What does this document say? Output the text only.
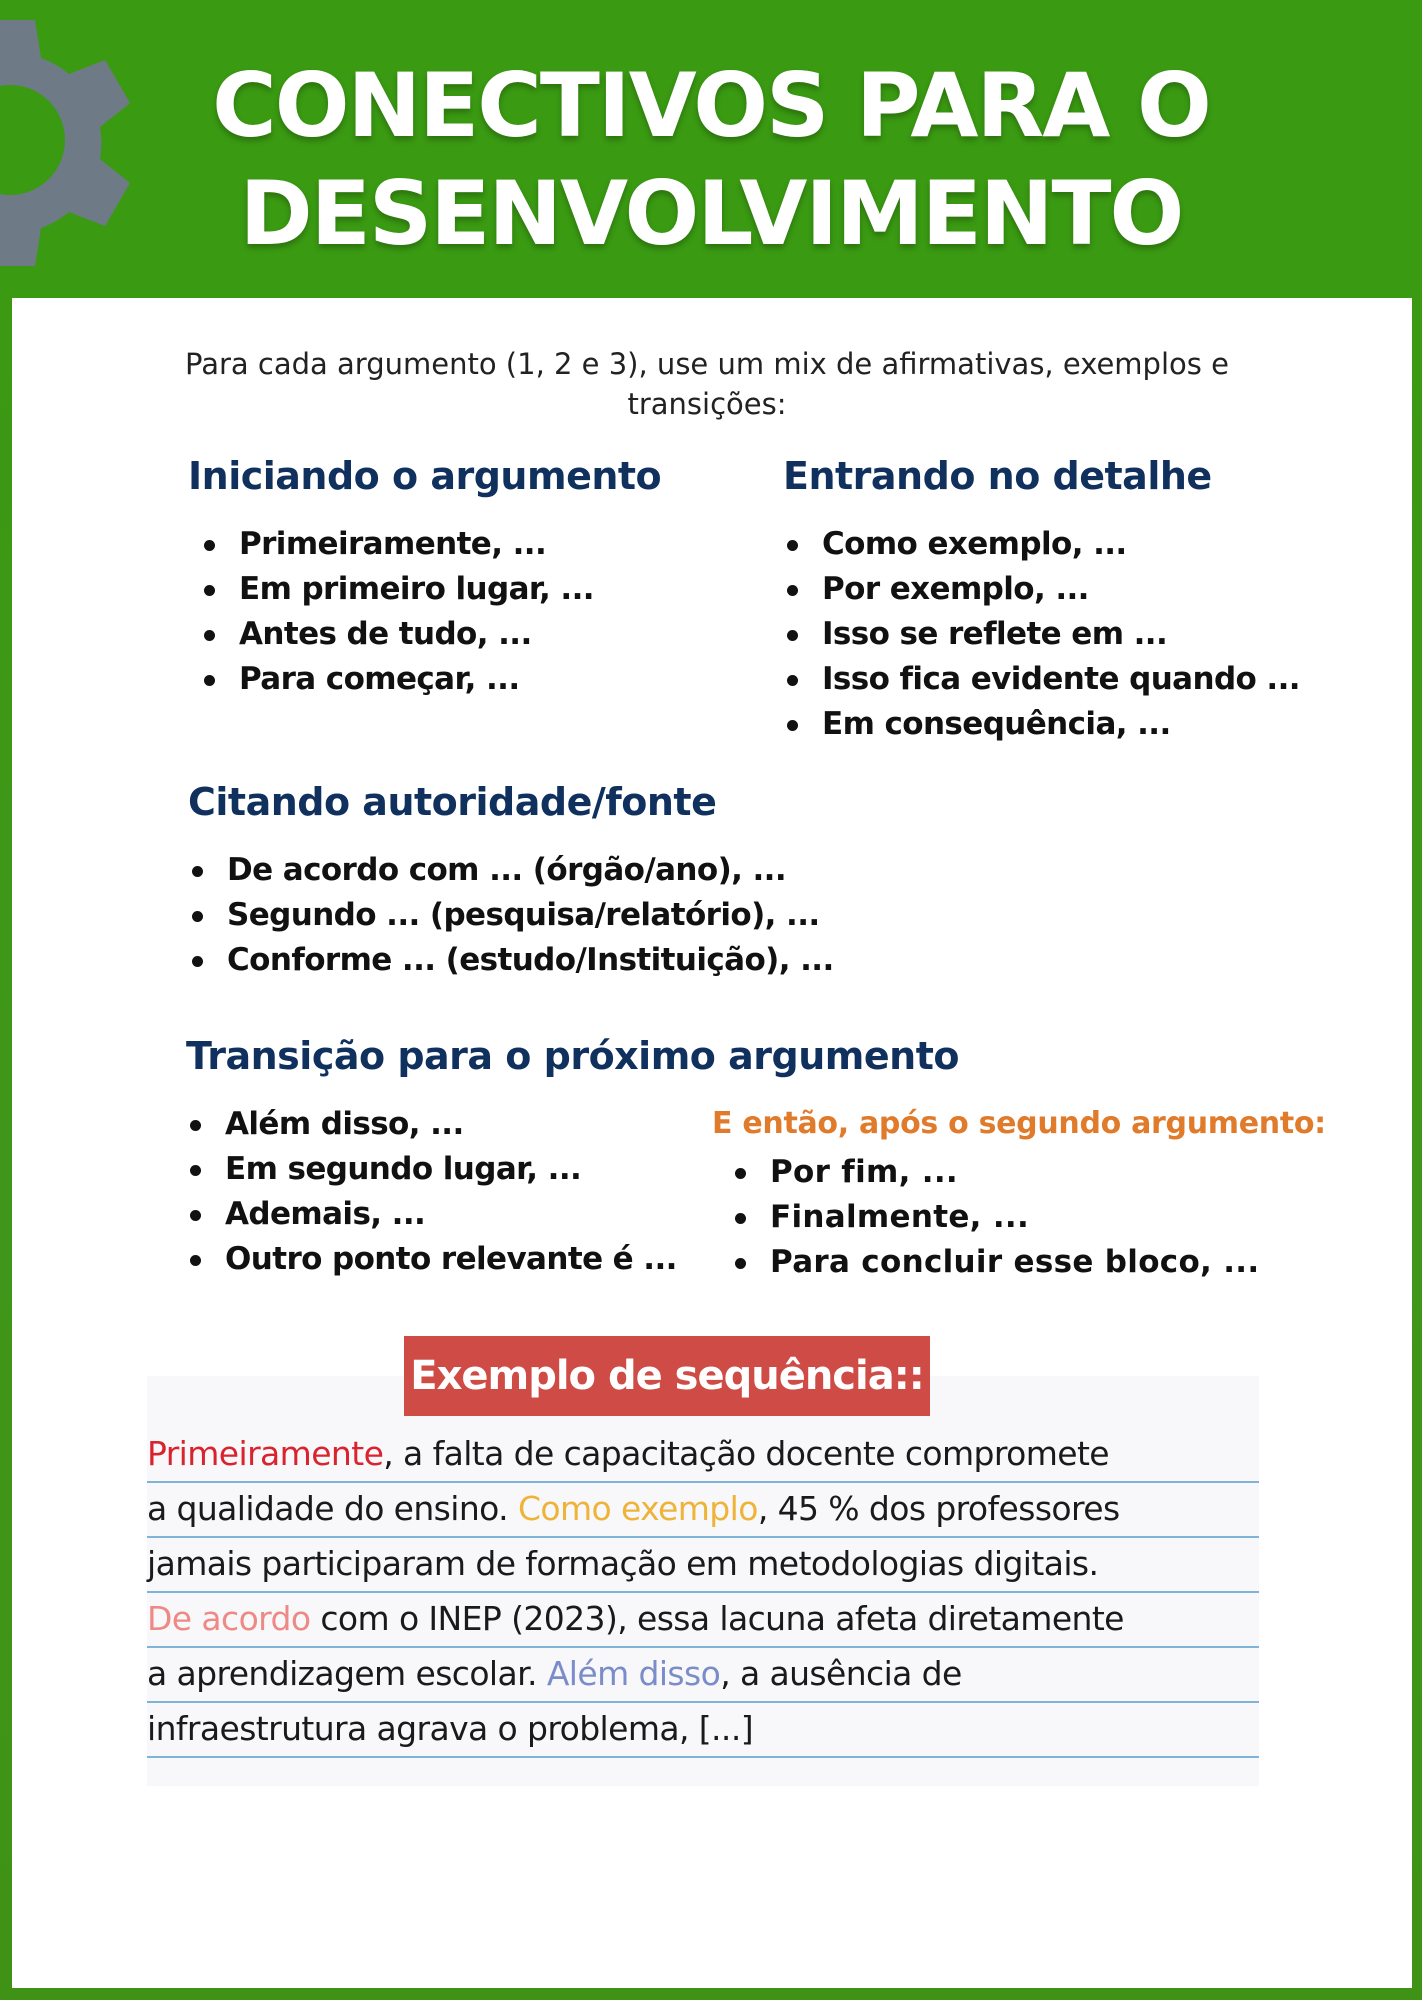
CONECTIVOS PARA O
DESENVOLVIMENTO
Para cada argumento (1, 2 e 3), use um mix de afirmativas, exemplos e
transições:
Iniciando o argumento
Primeiramente, ...
Em primeiro lugar, ...
Antes de tudo, ...
Para começar, ...
Entrando no detalhe
Como exemplo, ...
Por exemplo, ...
Isso se reflete em ...
Isso fica evidente quando ...
Em consequência, ...
Citando autoridade/fonte
De acordo com ... (órgão/ano), ...
Segundo ... (pesquisa/relatório), ...
Conforme ... (estudo/Instituição), ...
Transição para o próximo argumento
Além disso, ...
Em segundo lugar, ...
Ademais, ...
Outro ponto relevante é ...
E então, após o segundo argumento:
Por fim, ...
Finalmente, ...
Para concluir esse bloco, ...
Exemplo de sequência::
Primeiramente, a falta de capacitação docente compromete
a qualidade do ensino. Como exemplo, 45 % dos professores
jamais participaram de formação em metodologias digitais.
De acordo com o INEP (2023), essa lacuna afeta diretamente
a aprendizagem escolar. Além disso, a ausência de
infraestrutura agrava o problema, [...]
